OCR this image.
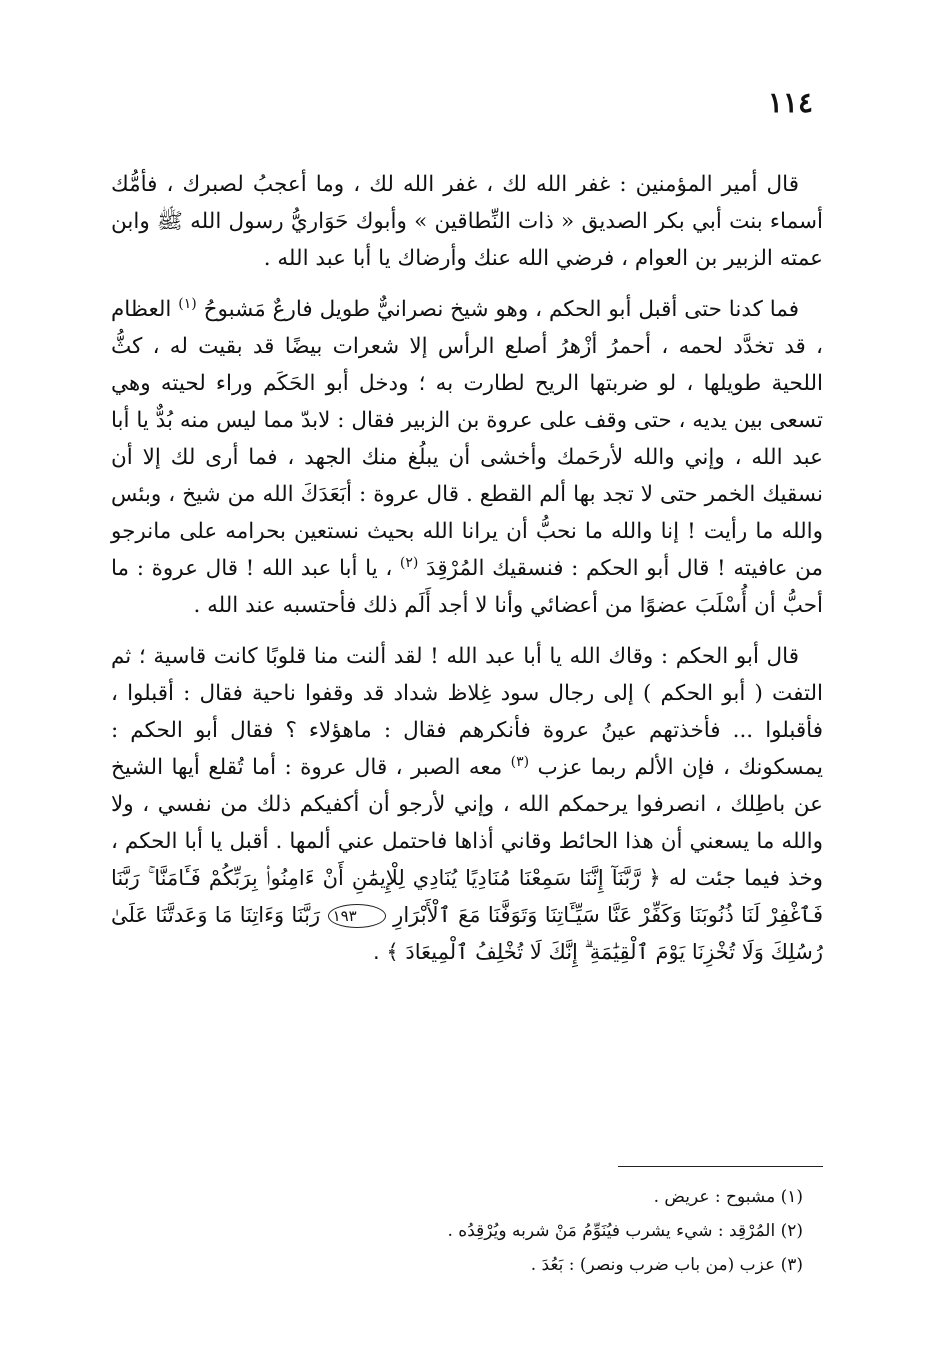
١١٤

قال أمير المؤمنين : غفر الله لك ، غفر الله لك ، وما أعجبُ لصبرك ، فأمُّك أسماء بنت أبي بكر الصديق « ذات النِّطاقين » وأبوك حَوَاريُّ رسول الله ﷺ وابن عمته الزبير بن العوام ، فرضي الله عنك وأرضاك يا أبا عبد الله .

فما كدنا حتى أقبل أبو الحكم ، وهو شيخ نصرانيٌّ طويل فارعٌ مَشبوحُ $^{(١)}$ العظام ، قد تخدَّد لحمه ، أحمرُ أزْهرُ أصلع الرأس إلا شعرات بيضًا قد بقيت له ، كثُّ اللحية طويلها ، لو ضربتها الريح لطارت به ؛ ودخل أبو الحَكَم وراء لحيته وهي تسعى بين يديه ، حتى وقف على عروة بن الزبير فقال : لابدّ مما ليس منه بُدٌّ يا أبا عبد الله ، وإني والله لأرحَمك وأخشى أن يبلُغ منك الجهد ، فما أرى لك إلا أن نسقيك الخمر حتى لا تجد بها ألم القطع . قال عروة : أبَعَدَكَ الله من شيخ ، وبئس والله ما رأيت ! إنا والله ما نحبُّ أن يرانا الله بحيث نستعين بحرامه على مانرجو من عافيته ! قال أبو الحكم : فنسقيك المُرْقِدَ $^{(٢)}$ ، يا أبا عبد الله ! قال عروة : ما أحبُّ أن أُسْلَبَ عضوًا من أعضائي وأنا لا أجد أَلَم ذلك فأحتسبه عند الله .

قال أبو الحكم : وقاك الله يا أبا عبد الله ! لقد ألنت منا قلوبًا كانت قاسية ؛ ثم التفت ( أبو الحكم ) إلى رجال سود غِلاظ شداد قد وقفوا ناحية فقال : أقبلوا ، فأقبلوا ... فأخذتهم عينُ عروة فأنكرهم فقال : ماهؤلاء ؟ فقال أبو الحكم : يمسكونك ، فإن الألم ربما عزب $^{(٣)}$ معه الصبر ، قال عروة : أما تُقلع أيها الشيخ عن باطِلك ، انصرفوا يرحمكم الله ، وإني لأرجو أن أكفيكم ذلك من نفسي ، ولا والله ما يسعني أن هذا الحائط وقاني أذاها فاحتمل عني ألمها . أقبل يا أبا الحكم ، وخذ فيما جئت له ﴿ رَّبَّنَآ إِنَّنَا سَمِعْنَا مُنَادِيًا يُنَادِي لِلْإِيمَٰنِ أَنْ ءَامِنُوا۟ بِرَبِّكُمْ فَـَٔامَنَّا ۚ رَبَّنَا فَٱغْفِرْ لَنَا ذُنُوبَنَا وَكَفِّرْ عَنَّا سَيِّـَٔاتِنَا وَتَوَفَّنَا مَعَ ٱلْأَبْرَارِ ١٩٣ رَبَّنَا وَءَاتِنَا مَا وَعَدتَّنَا عَلَىٰ رُسُلِكَ وَلَا تُخْزِنَا يَوْمَ ٱلْقِيَٰمَةِ ۗ إِنَّكَ لَا تُخْلِفُ ٱلْمِيعَادَ ﴾ .

(١) مشبوح : عريض .

(٢) المُرْقِد : شيء يشرب فيُنَوِّمُ مَنْ شربه ويُرْقِدُه .

(٣) عزب (من باب ضرب ونصر) : بَعُدَ .
